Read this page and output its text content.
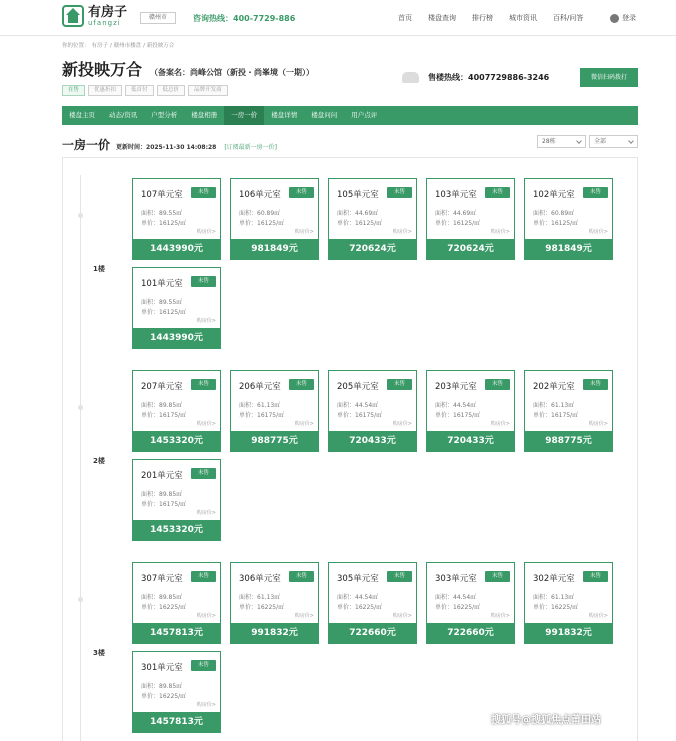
有房子
ufangzi
赣州市	咨询热线：400-7729-886	首页 楼盘查询 排行榜 城市资讯 百科/问答	登录
你的位置： 有房子 / 赣州市楼盘 / 新投映万合
新投映万合 （备案名：尚峰公馆（新投・尚峯境（一期））
在售	优惠折扣	低首付	低总价	品牌开发商
售楼热线：4007729886-3246	微信扫码拨打
楼盘主页	动态/资讯	户型分析	楼盘相册	一房一价	楼盘详情	楼盘问问	用户点评
一房一价 更新时间：2025-11-30 14:08:28 [订阅最新一房一价]
28栋	全部
1楼
107单元室	未售
面积：89.55㎡
单价：16125/㎡
购房价>
1443990元
106单元室	未售
面积：60.89㎡
单价：16125/㎡
购房价>
981849元
105单元室	未售
面积：44.69㎡
单价：16125/㎡
购房价>
720624元
103单元室	未售
面积：44.69㎡
单价：16125/㎡
购房价>
720624元
102单元室	未售
面积：60.89㎡
单价：16125/㎡
购房价>
981849元
101单元室	未售
面积：89.55㎡
单价：16125/㎡
购房价>
1443990元
2楼
207单元室	未售
面积：89.85㎡
单价：16175/㎡
购房价>
1453320元
206单元室	未售
面积：61.13㎡
单价：16175/㎡
购房价>
988775元
205单元室	未售
面积：44.54㎡
单价：16175/㎡
购房价>
720433元
203单元室	未售
面积：44.54㎡
单价：16175/㎡
购房价>
720433元
202单元室	未售
面积：61.13㎡
单价：16175/㎡
购房价>
988775元
201单元室	未售
面积：89.85㎡
单价：16175/㎡
购房价>
1453320元
3楼
307单元室	未售
面积：89.85㎡
单价：16225/㎡
购房价>
1457813元
306单元室	未售
面积：61.13㎡
单价：16225/㎡
购房价>
991832元
305单元室	未售
面积：44.54㎡
单价：16225/㎡
购房价>
722660元
303单元室	未售
面积：44.54㎡
单价：16225/㎡
购房价>
722660元
302单元室	未售
面积：61.13㎡
单价：16225/㎡
购房价>
991832元
301单元室	未售
面积：89.85㎡
单价：16225/㎡
购房价>
1457813元	搜狐号@搜狐焦点莆田站
